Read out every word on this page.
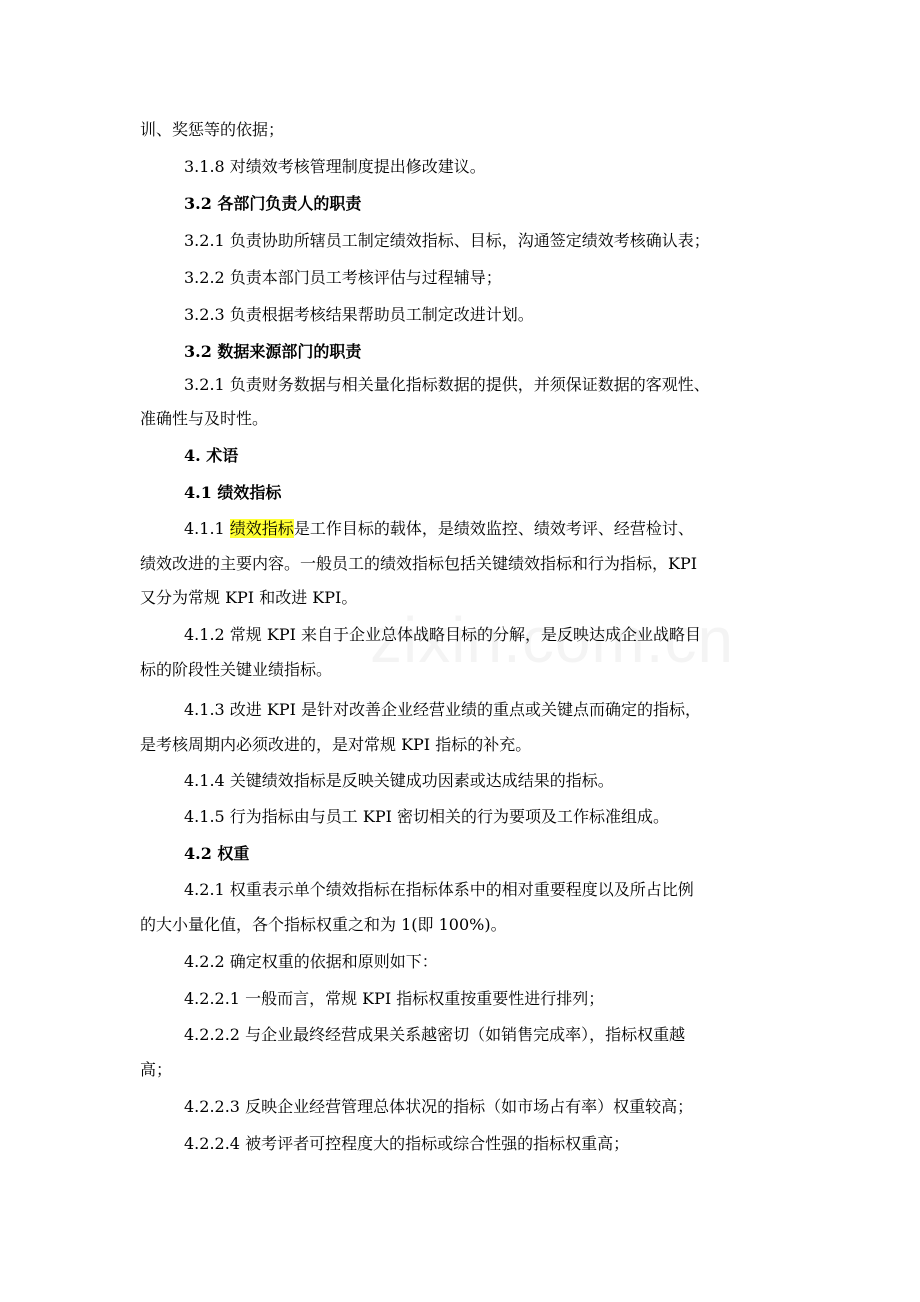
训、奖惩等的依据；
3.1.8 对绩效考核管理制度提出修改建议。
3.2 各部门负责人的职责
3.2.1 负责协助所辖员工制定绩效指标、目标，沟通签定绩效考核确认表；
3.2.2 负责本部门员工考核评估与过程辅导；
3.2.3 负责根据考核结果帮助员工制定改进计划。
3.2 数据来源部门的职责
3.2.1 负责财务数据与相关量化指标数据的提供，并须保证数据的客观性、
准确性与及时性。
4. 术语
4.1 绩效指标
4.1.1 绩效指标是工作目标的载体，是绩效监控、绩效考评、经营检讨、
绩效改进的主要内容。一般员工的绩效指标包括关键绩效指标和行为指标，KPI
又分为常规 KPI 和改进 KPI。
4.1.2 常规 KPI 来自于企业总体战略目标的分解，是反映达成企业战略目
标的阶段性关键业绩指标。
4.1.3 改进 KPI 是针对改善企业经营业绩的重点或关键点而确定的指标，
是考核周期内必须改进的，是对常规 KPI 指标的补充。
4.1.4 关键绩效指标是反映关键成功因素或达成结果的指标。
4.1.5 行为指标由与员工 KPI 密切相关的行为要项及工作标准组成。
4.2 权重
4.2.1 权重表示单个绩效指标在指标体系中的相对重要程度以及所占比例
的大小量化值，各个指标权重之和为 1(即 100%)。
4.2.2 确定权重的依据和原则如下：
4.2.2.1 一般而言，常规 KPI 指标权重按重要性进行排列；
4.2.2.2 与企业最终经营成果关系越密切（如销售完成率），指标权重越
高；
4.2.2.3 反映企业经营管理总体状况的指标（如市场占有率）权重较高；
4.2.2.4 被考评者可控程度大的指标或综合性强的指标权重高；
